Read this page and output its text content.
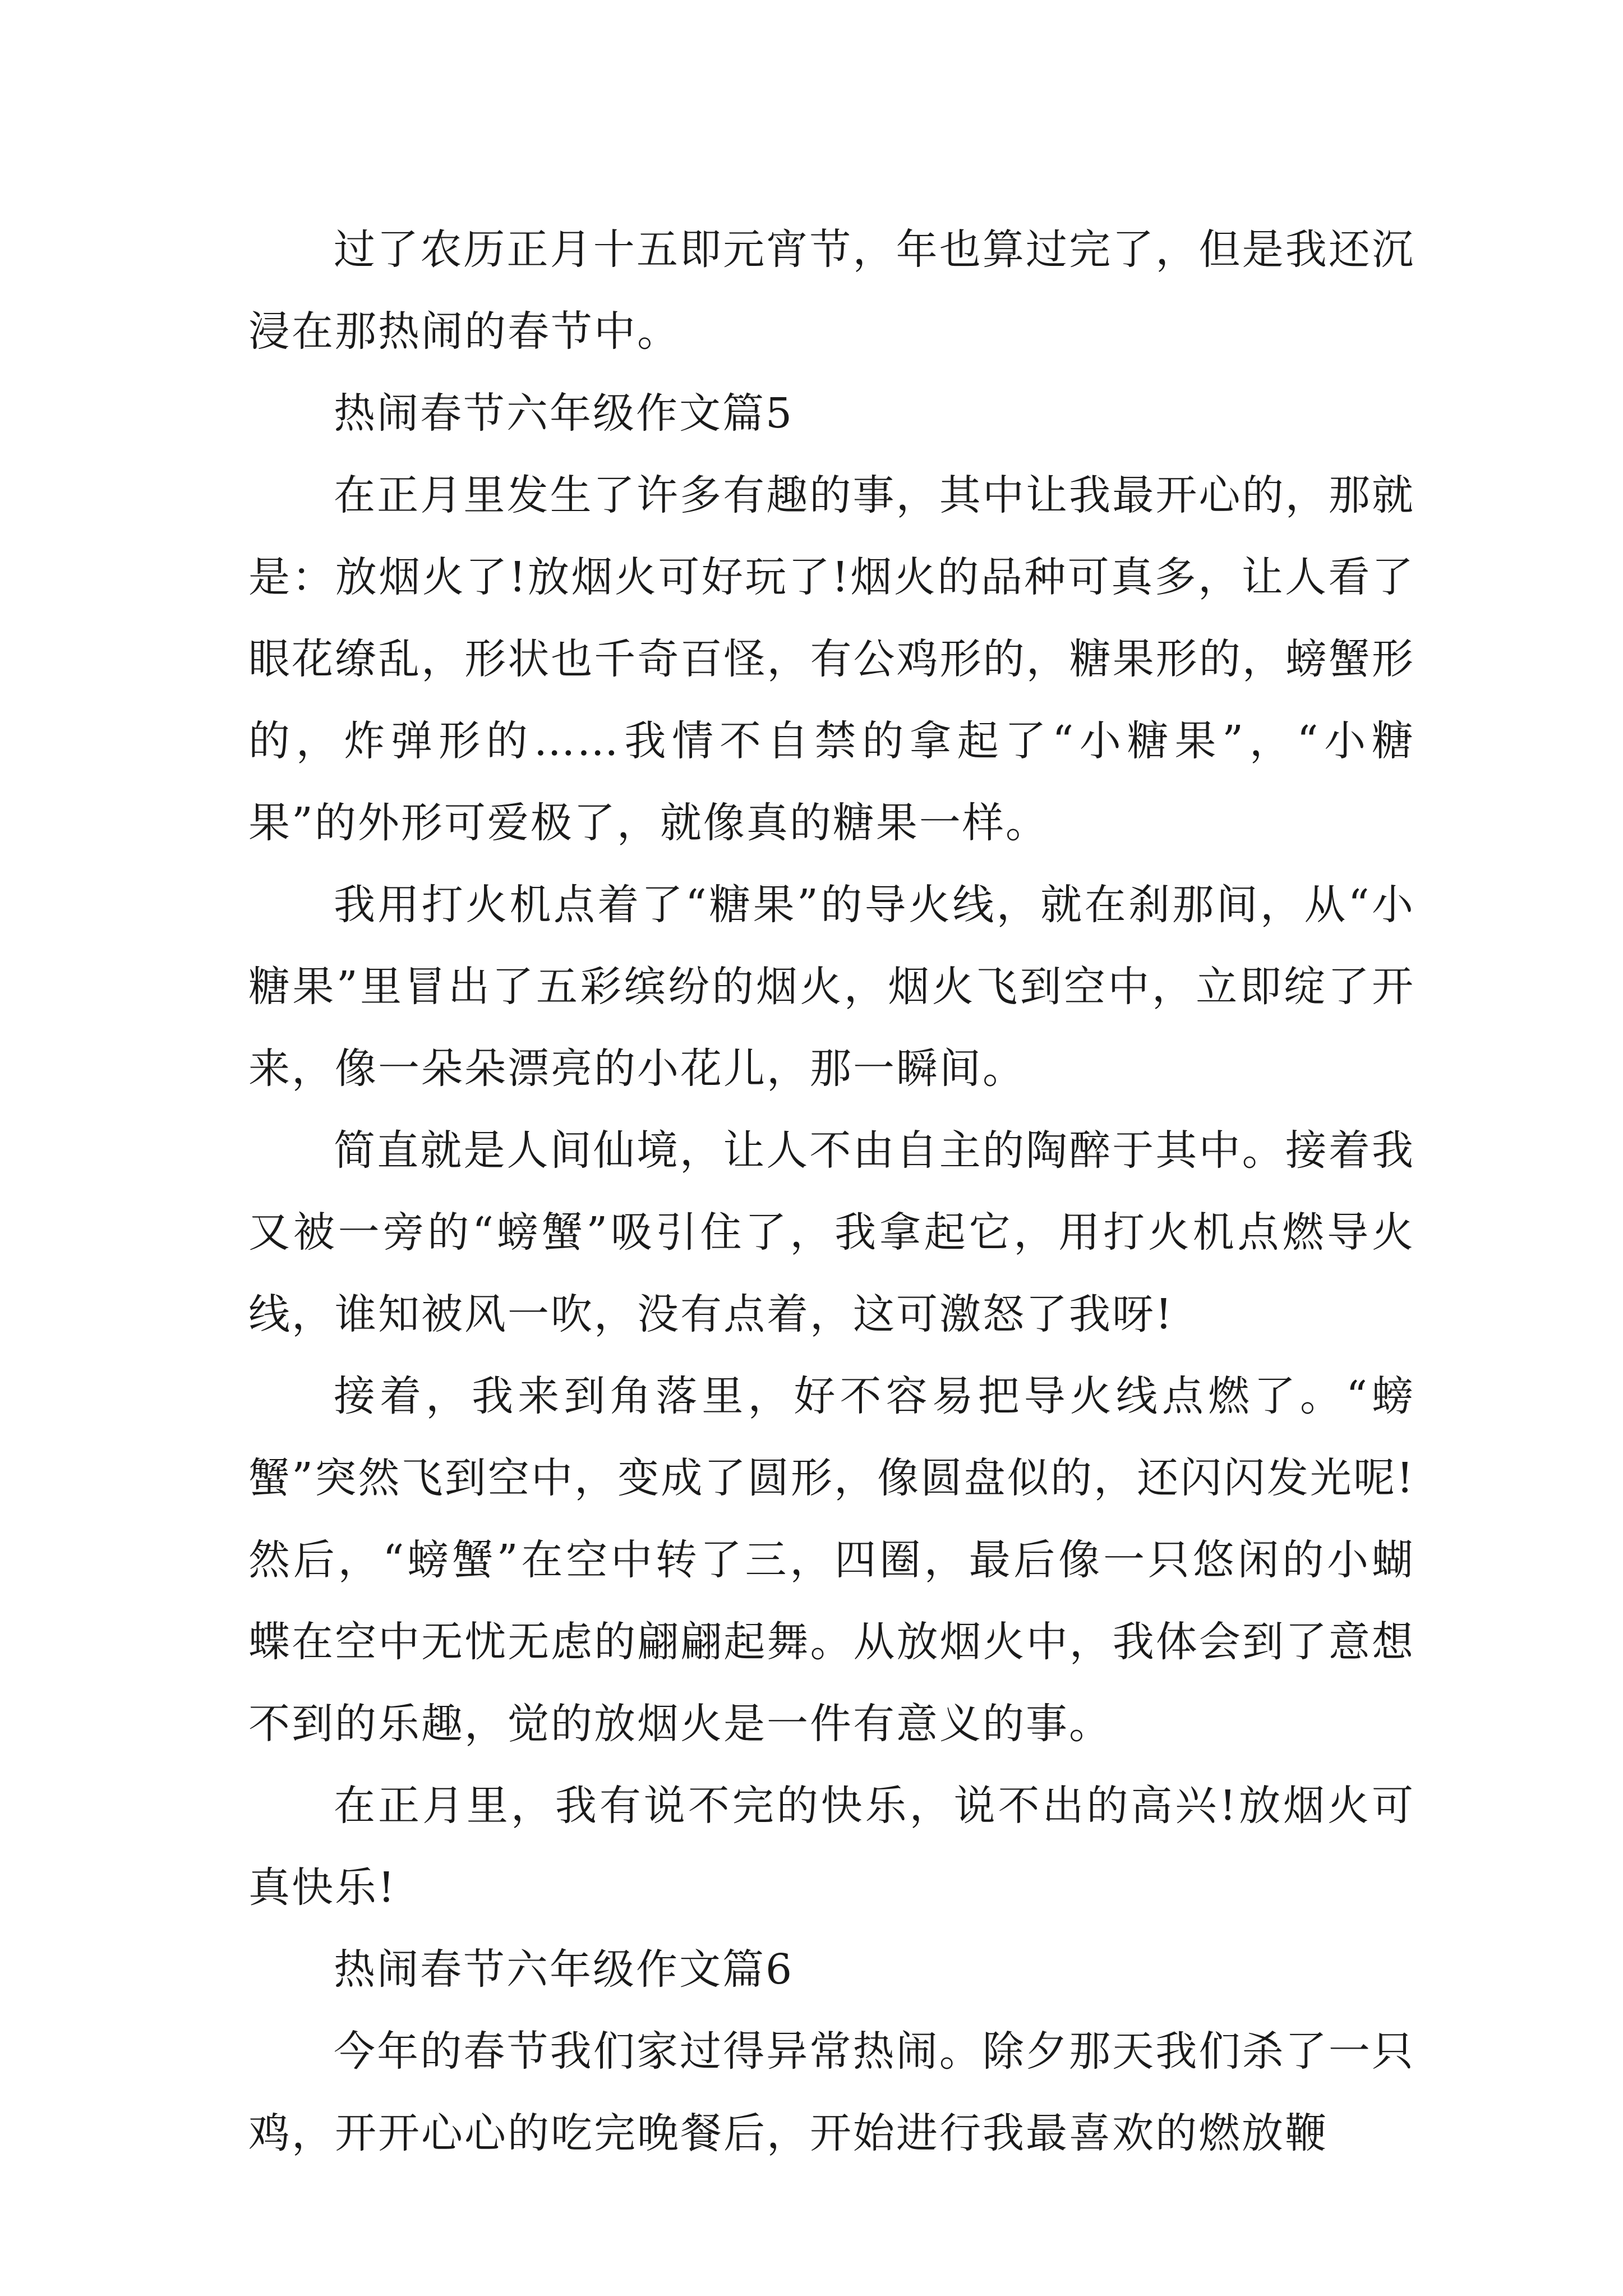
过了农历正月十五即元宵节，年也算过完了，但是我还沉浸在那热闹的春节中。

热闹春节六年级作文篇5

在正月里发生了许多有趣的事，其中让我最开心的，那就是：放烟火了!放烟火可好玩了!烟火的品种可真多，让人看了眼花缭乱，形状也千奇百怪，有公鸡形的，糖果形的，螃蟹形的，炸弹形的……我情不自禁的拿起了“小糖果”，“小糖果”的外形可爱极了，就像真的糖果一样。

我用打火机点着了“糖果”的导火线，就在刹那间，从“小糖果”里冒出了五彩缤纷的烟火，烟火飞到空中，立即绽了开来，像一朵朵漂亮的小花儿，那一瞬间。

简直就是人间仙境，让人不由自主的陶醉于其中。接着我又被一旁的“螃蟹”吸引住了，我拿起它，用打火机点燃导火线，谁知被风一吹，没有点着，这可激怒了我呀!

接着，我来到角落里，好不容易把导火线点燃了。“螃蟹”突然飞到空中，变成了圆形，像圆盘似的，还闪闪发光呢!然后，“螃蟹”在空中转了三，四圈，最后像一只悠闲的小蝴蝶在空中无忧无虑的翩翩起舞。从放烟火中，我体会到了意想不到的乐趣，觉的放烟火是一件有意义的事。

在正月里，我有说不完的快乐，说不出的高兴!放烟火可真快乐!

热闹春节六年级作文篇6

今年的春节我们家过得异常热闹。除夕那天我们杀了一只鸡，开开心心的吃完晚餐后，开始进行我最喜欢的燃放鞭
